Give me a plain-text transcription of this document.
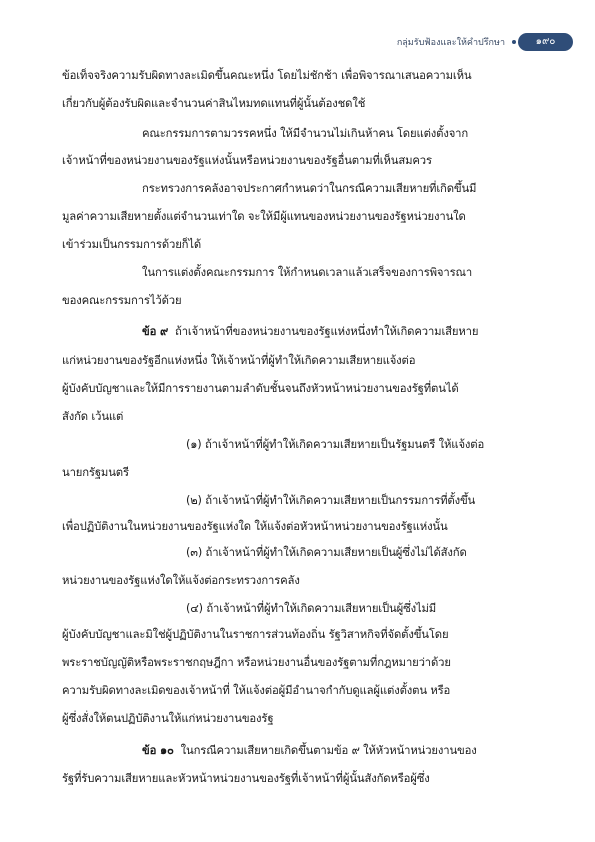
กลุ่มรับฟ้องและให้คำปรึกษา	๑๙๐
ข้อเท็จจริงความรับผิดทางละเมิดขึ้นคณะหนึ่ง โดยไม่ชักช้า เพื่อพิจารณาเสนอความเห็น
เกี่ยวกับผู้ต้องรับผิดและจำนวนค่าสินไหมทดแทนที่ผู้นั้นต้องชดใช้
คณะกรรมการตามวรรคหนึ่ง ให้มีจำนวนไม่เกินห้าคน โดยแต่งตั้งจาก
เจ้าหน้าที่ของหน่วยงานของรัฐแห่งนั้นหรือหน่วยงานของรัฐอื่นตามที่เห็นสมควร
กระทรวงการคลังอาจประกาศกำหนดว่าในกรณีความเสียหายที่เกิดขึ้นมี
มูลค่าความเสียหายตั้งแต่จำนวนเท่าใด จะให้มีผู้แทนของหน่วยงานของรัฐหน่วยงานใด
เข้าร่วมเป็นกรรมการด้วยก็ได้
ในการแต่งตั้งคณะกรรมการ ให้กำหนดเวลาแล้วเสร็จของการพิจารณา
ของคณะกรรมการไว้ด้วย
ข้อ ๙ ถ้าเจ้าหน้าที่ของหน่วยงานของรัฐแห่งหนึ่งทำให้เกิดความเสียหาย
แก่หน่วยงานของรัฐอีกแห่งหนึ่ง ให้เจ้าหน้าที่ผู้ทำให้เกิดความเสียหายแจ้งต่อ
ผู้บังคับบัญชาและให้มีการรายงานตามลำดับชั้นจนถึงหัวหน้าหน่วยงานของรัฐที่ตนได้
สังกัด เว้นแต่
(๑) ถ้าเจ้าหน้าที่ผู้ทำให้เกิดความเสียหายเป็นรัฐมนตรี ให้แจ้งต่อ
นายกรัฐมนตรี
(๒) ถ้าเจ้าหน้าที่ผู้ทำให้เกิดความเสียหายเป็นกรรมการที่ตั้งขึ้น
เพื่อปฏิบัติงานในหน่วยงานของรัฐแห่งใด ให้แจ้งต่อหัวหน้าหน่วยงานของรัฐแห่งนั้น
(๓) ถ้าเจ้าหน้าที่ผู้ทำให้เกิดความเสียหายเป็นผู้ซึ่งไม่ได้สังกัด
หน่วยงานของรัฐแห่งใดให้แจ้งต่อกระทรวงการคลัง
(๔) ถ้าเจ้าหน้าที่ผู้ทำให้เกิดความเสียหายเป็นผู้ซึ่งไม่มี
ผู้บังคับบัญชาและมิใช่ผู้ปฏิบัติงานในราชการส่วนท้องถิ่น รัฐวิสาหกิจที่จัดตั้งขึ้นโดย
พระราชบัญญัติหรือพระราชกฤษฎีกา หรือหน่วยงานอื่นของรัฐตามที่กฎหมายว่าด้วย
ความรับผิดทางละเมิดของเจ้าหน้าที่ ให้แจ้งต่อผู้มีอำนาจกำกับดูแลผู้แต่งตั้งตน หรือ
ผู้ซึ่งสั่งให้ตนปฏิบัติงานให้แก่หน่วยงานของรัฐ
ข้อ ๑๐ ในกรณีความเสียหายเกิดขึ้นตามข้อ ๙ ให้หัวหน้าหน่วยงานของ
รัฐที่รับความเสียหายและหัวหน้าหน่วยงานของรัฐที่เจ้าหน้าที่ผู้นั้นสังกัดหรือผู้ซึ่ง
